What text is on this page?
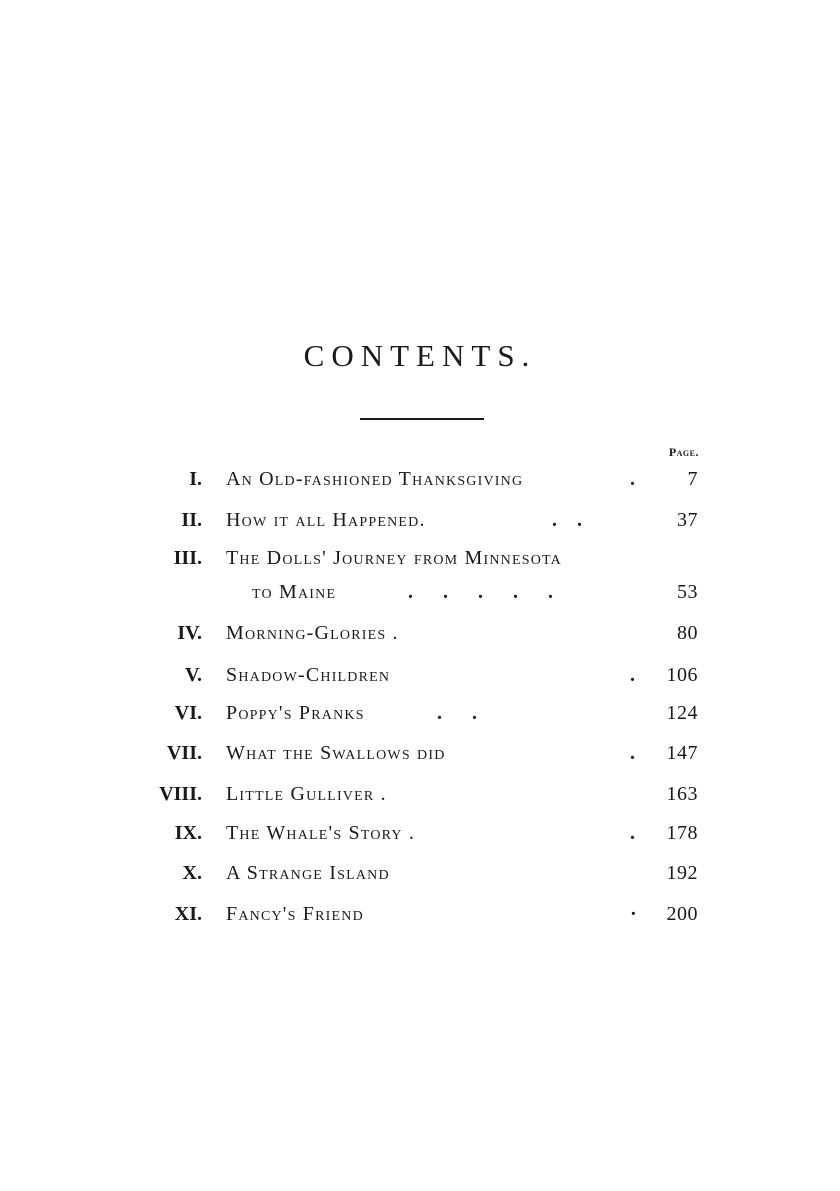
CONTENTS.
Page.
I. An Old-fashioned Thanksgiving	.	7
II. How it all Happened.	.    .	37
III. The Dolls' Journey from Minnesota
to Maine	.      .      .      .      .	53
IV. Morning-Glories .	80
V. Shadow-Children	. 106
VI. Poppy's Pranks	.      .	124
VII. What the Swallows did	. 147
VIII. Little Gulliver .	163
IX. The Whale's Story .	. 178
X. A Strange Island	192
XI. Fancy's Friend	· 200
